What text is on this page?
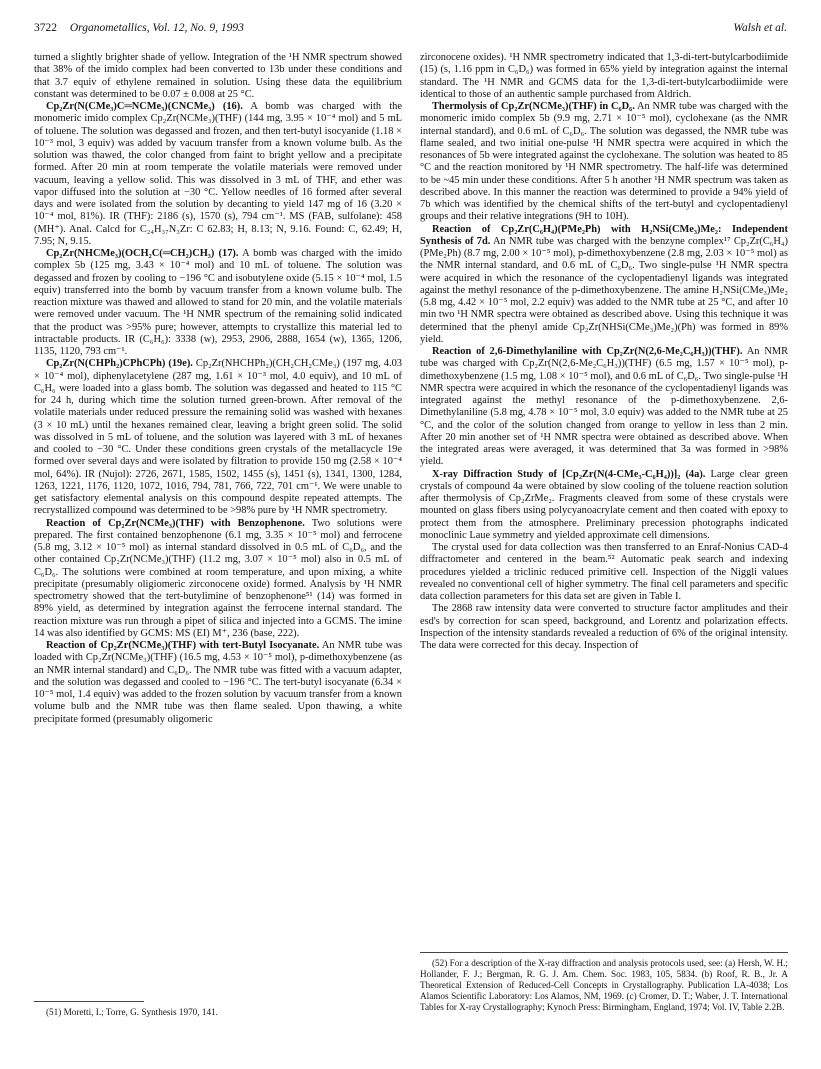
3722 Organometallics, Vol. 12, No. 9, 1993	Walsh et al.

turned a slightly brighter shade of yellow. Integration of the ¹H NMR spectrum showed that 38% of the imido complex had been converted to 13b under these conditions and that 3.7 equiv of ethylene remained in solution. Using these data the equilibrium constant was determined to be 0.07 ± 0.008 at 25 °C.

Cp₂Zr(N(CMe₃)C═NCMe₃)(CNCMe₃) (16). A bomb was charged with the monomeric imido complex Cp₂Zr(NCMe₃)(THF) (144 mg, 3.95 × 10⁻⁴ mol) and 5 mL of toluene. The solution was degassed and frozen, and then tert-butyl isocyanide (1.18 × 10⁻³ mol, 3 equiv) was added by vacuum transfer from a known volume bulb. As the solution was thawed, the color changed from faint to bright yellow and a precipitate formed. After 20 min at room temperate the volatile materials were removed under vacuum, leaving a yellow solid. This was dissolved in 3 mL of THF, and ether was vapor diffused into the solution at −30 °C. Yellow needles of 16 formed after several days and were isolated from the solution by decanting to yield 147 mg of 16 (3.20 × 10⁻⁴ mol, 81%). IR (THF): 2186 (s), 1570 (s), 794 cm⁻¹. MS (FAB, sulfolane): 458 (MH⁺). Anal. Calcd for C₂₄H₃₇N₃Zr: C 62.83; H, 8.13; N, 9.16. Found: C, 62.49; H, 7.95; N, 9.15.

Cp₂Zr(NHCMe₃)(OCH₂C(═CH₂)CH₃) (17). A bomb was charged with the imido complex 5b (125 mg, 3.43 × 10⁻⁴ mol) and 10 mL of toluene. The solution was degassed and frozen by cooling to −196 °C and isobutylene oxide (5.15 × 10⁻⁴ mol, 1.5 equiv) transferred into the bomb by vacuum transfer from a known volume bulb. The reaction mixture was thawed and allowed to stand for 20 min, and the volatile materials were removed under vacuum. The ¹H NMR spectrum of the remaining solid indicated that the product was >95% pure; however, attempts to crystallize this material led to intractable products. IR (C₆H₆): 3338 (w), 2953, 2906, 2888, 1654 (w), 1365, 1206, 1135, 1120, 793 cm⁻¹.

Cp₂Zr(N(CHPh₂)CPhCPh) (19e). Cp₂Zr(NHCHPh₂)(CH₂CH₂CMe₃) (197 mg, 4.03 × 10⁻⁴ mol), diphenylacetylene (287 mg, 1.61 × 10⁻³ mol, 4.0 equiv), and 10 mL of C₆H₆ were loaded into a glass bomb. The solution was degassed and heated to 115 °C for 24 h, during which time the solution turned green-brown. After removal of the volatile materials under reduced pressure the remaining solid was washed with hexanes (3 × 10 mL) until the hexanes remained clear, leaving a bright green solid. The solid was dissolved in 5 mL of toluene, and the solution was layered with 3 mL of hexanes and cooled to −30 °C. Under these conditions green crystals of the metallacycle 19e formed over several days and were isolated by filtration to provide 150 mg (2.58 × 10⁻⁴ mol, 64%). IR (Nujol): 2726, 2671, 1585, 1502, 1455 (s), 1451 (s), 1341, 1300, 1284, 1263, 1221, 1176, 1120, 1072, 1016, 794, 781, 766, 722, 701 cm⁻¹. We were unable to get satisfactory elemental analysis on this compound despite repeated attempts. The recrystallized compound was determined to be >98% pure by ¹H NMR spectrometry.

Reaction of Cp₂Zr(NCMe₃)(THF) with Benzophenone. Two solutions were prepared. The first contained benzophenone (6.1 mg, 3.35 × 10⁻⁵ mol) and ferrocene (5.8 mg, 3.12 × 10⁻⁵ mol) as internal standard dissolved in 0.5 mL of C₆D₆, and the other contained Cp₂Zr(NCMe₃)(THF) (11.2 mg, 3.07 × 10⁻⁵ mol) also in 0.5 mL of C₆D₆. The solutions were combined at room temperature, and upon mixing, a white precipitate (presumably oligiomeric zirconocene oxide) formed. Analysis by ¹H NMR spectrometry showed that the tert-butylimine of benzophenone⁵¹ (14) was formed in 89% yield, as determined by integration against the ferrocene internal standard. The reaction mixture was run through a pipet of silica and injected into a GCMS. The imine 14 was also identified by GCMS: MS (EI) M⁺, 236 (base, 222).

Reaction of Cp₂Zr(NCMe₃)(THF) with tert-Butyl Isocyanate. An NMR tube was loaded with Cp₂Zr(NCMe₃)(THF) (16.5 mg, 4.53 × 10⁻⁵ mol), p-dimethoxybenzene (as an NMR internal standard) and C₆D₆. The NMR tube was fitted with a vacuum adapter, and the solution was degassed and cooled to −196 °C. The tert-butyl isocyanate (6.34 × 10⁻⁵ mol, 1.4 equiv) was added to the frozen solution by vacuum transfer from a known volume bulb and the NMR tube was then flame sealed. Upon thawing, a white precipitate formed (presumably oligomeric

zirconocene oxides). ¹H NMR spectrometry indicated that 1,3-di-tert-butylcarbodiimide (15) (s, 1.16 ppm in C₆D₆) was formed in 65% yield by integration against the internal standard. The ¹H NMR and GCMS data for the 1,3-di-tert-butylcarbodiimide were identical to those of an authentic sample purchased from Aldrich.

Thermolysis of Cp₂Zr(NCMe₃)(THF) in C₆D₆. An NMR tube was charged with the monomeric imido complex 5b (9.9 mg, 2.71 × 10⁻⁵ mol), cyclohexane (as the NMR internal standard), and 0.6 mL of C₆D₆. The solution was degassed, the NMR tube was flame sealed, and two initial one-pulse ¹H NMR spectra were acquired in which the resonances of 5b were integrated against the cyclohexane. The solution was heated to 85 °C and the reaction monitored by ¹H NMR spectrometry. The half-life was determined to be ~45 min under these conditions. After 5 h another ¹H NMR spectrum was taken as described above. In this manner the reaction was determined to provide a 94% yield of 7b which was identified by the chemical shifts of the tert-butyl and cyclopentadienyl groups and their relative integrations (9H to 10H).

Reaction of Cp₂Zr(C₆H₄)(PMe₂Ph) with H₂NSi(CMe₃)Me₂: Independent Synthesis of 7d. An NMR tube was charged with the benzyne complex¹⁷ Cp₂Zr(C₆H₄)(PMe₂Ph) (8.7 mg, 2.00 × 10⁻⁵ mol), p-dimethoxybenzene (2.8 mg, 2.03 × 10⁻⁵ mol) as the NMR internal standard, and 0.6 mL of C₆D₆. Two single-pulse ¹H NMR spectra were acquired in which the resonance of the cyclopentadienyl ligands was integrated against the methyl resonance of the p-dimethoxybenzene. The amine H₂NSi(CMe₃)Me₂ (5.8 mg, 4.42 × 10⁻⁵ mol, 2.2 equiv) was added to the NMR tube at 25 °C, and after 10 min two ¹H NMR spectra were obtained as described above. Using this technique it was determined that the phenyl amide Cp₂Zr(NHSi(CMe₃)Me₂)(Ph) was formed in 89% yield.

Reaction of 2,6-Dimethylaniline with Cp₂Zr(N(2,6-Me₂C₆H₃))(THF). An NMR tube was charged with Cp₂Zr(N(2,6-Me₂C₆H₃))(THF) (6.5 mg, 1.57 × 10⁻⁵ mol), p-dimethoxybenzene (1.5 mg, 1.08 × 10⁻⁵ mol), and 0.6 mL of C₆D₆. Two single-pulse ¹H NMR spectra were acquired in which the resonance of the cyclopentadienyl ligands was integrated against the methyl resonance of the p-dimethoxybenzene. 2,6-Dimethylaniline (5.8 mg, 4.78 × 10⁻⁵ mol, 3.0 equiv) was added to the NMR tube at 25 °C, and the color of the solution changed from orange to yellow in less than 2 min. After 20 min another set of ¹H NMR spectra were obtained as described above. When the integrated areas were averaged, it was determined that 3a was formed in >98% yield.

X-ray Diffraction Study of [Cp₂Zr(N(4-CMe₃-C₆H₄))]₂ (4a). Large clear green crystals of compound 4a were obtained by slow cooling of the toluene reaction solution after thermolysis of Cp₂ZrMe₂. Fragments cleaved from some of these crystals were mounted on glass fibers using polycyanoacrylate cement and then coated with epoxy to protect them from the atmosphere. Preliminary precession photographs indicated monoclinic Laue symmetry and yielded approximate cell dimensions.

The crystal used for data collection was then transferred to an Enraf-Nonius CAD-4 diffractometer and centered in the beam.⁵² Automatic peak search and indexing procedures yielded a triclinic reduced primitive cell. Inspection of the Niggli values revealed no conventional cell of higher symmetry. The final cell parameters and specific data collection parameters for this data set are given in Table I.

The 2868 raw intensity data were converted to structure factor amplitudes and their esd's by correction for scan speed, background, and Lorentz and polarization effects. Inspection of the intensity standards revealed a reduction of 6% of the original intensity. The data were corrected for this decay. Inspection of

(51) Moretti, I.; Torre, G. Synthesis 1970, 141.

(52) For a description of the X-ray diffraction and analysis protocols used, see: (a) Hersh, W. H.; Hollander, F. J.; Bergman, R. G. J. Am. Chem. Soc. 1983, 105, 5834. (b) Roof, R. B., Jr. A Theoretical Extension of Reduced-Cell Concepts in Crystallography. Publication LA-4038; Los Alamos Scientific Laboratory: Los Alamos, NM, 1969. (c) Cromer, D. T.; Waber, J. T. International Tables for X-ray Crystallography; Kynoch Press: Birmingham, England, 1974; Vol. IV, Table 2.2B.
